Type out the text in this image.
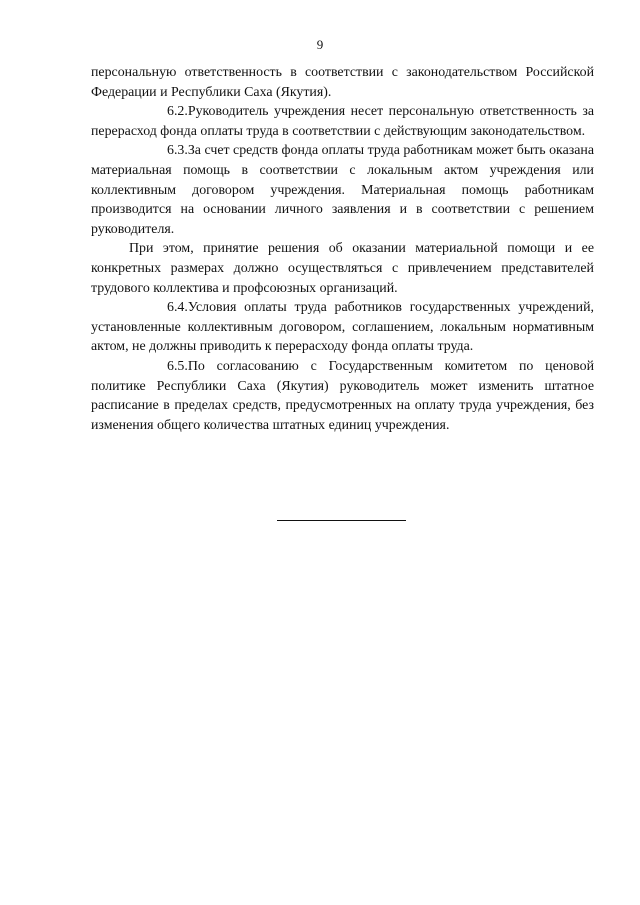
9

персональную ответственность в соответствии с законодательством Российской Федерации и Республики Саха (Якутия).

6.2.Руководитель учреждения несет персональную ответственность за перерасход фонда оплаты труда в соответствии с действующим законодательством.

6.3.За счет средств фонда оплаты труда работникам может быть оказана материальная помощь в соответствии с локальным актом учреждения или коллективным договором учреждения. Материальная помощь работникам производится на основании личного заявления и в соответствии с решением руководителя.

При этом, принятие решения об оказании материальной помощи и ее конкретных размерах должно осуществляться с привлечением представителей трудового коллектива и профсоюзных организаций.

6.4.Условия оплаты труда работников государственных учреждений, установленные коллективным договором, соглашением, локальным нормативным актом, не должны приводить к перерасходу фонда оплаты труда.

6.5.По согласованию с Государственным комитетом по ценовой политике Республики Саха (Якутия) руководитель может изменить штатное расписание в пределах средств, предусмотренных на оплату труда учреждения, без изменения общего количества штатных единиц учреждения.
